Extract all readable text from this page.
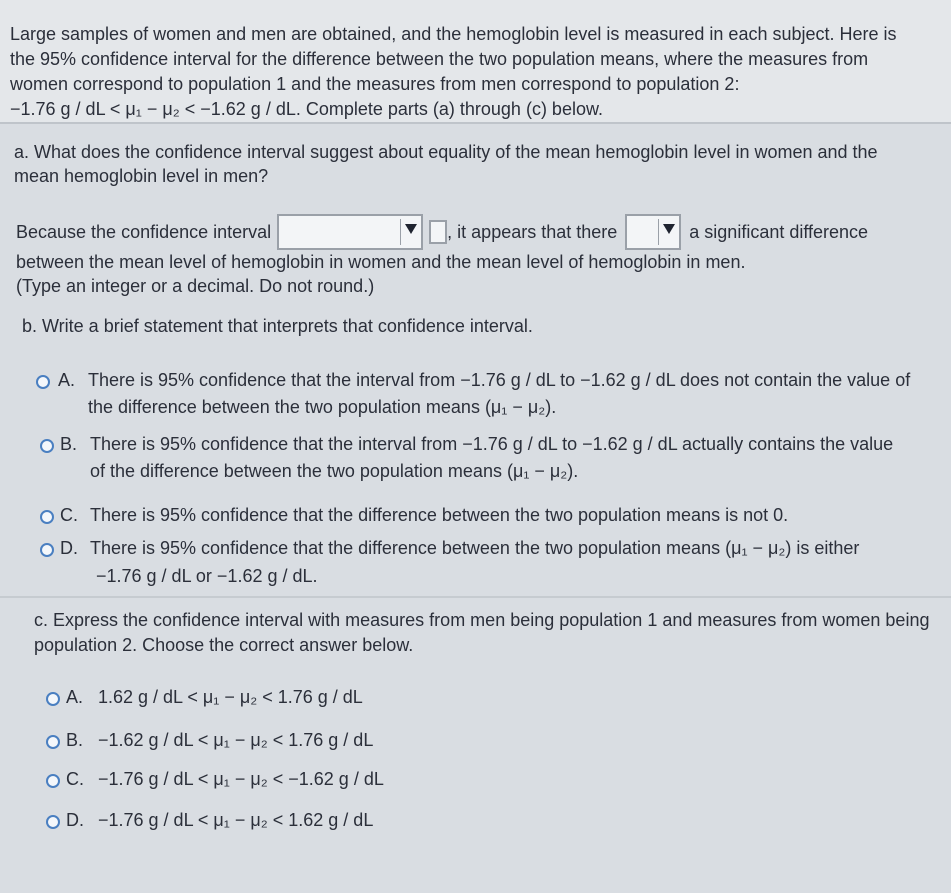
Large samples of women and men are obtained, and the hemoglobin level is measured in each subject. Here is

the 95% confidence interval for the difference between the two population means, where the measures from

women correspond to population 1 and the measures from men correspond to population 2:

−1.76 g / dL < μ₁ − μ₂ < −1.62 g / dL. Complete parts (a) through (c) below.

a. What does the confidence interval suggest about equality of the mean hemoglobin level in women and the

mean hemoglobin level in men?

Because the confidence interval	, it appears that there	a significant difference
between the mean level of hemoglobin in women and the mean level of hemoglobin in men.
(Type an integer or a decimal. Do not round.)
b. Write a brief statement that interprets that confidence interval.
A. There is 95% confidence that the interval from −1.76 g / dL to −1.62 g / dL does not contain the value of
the difference between the two population means (μ₁ − μ₂).
B. There is 95% confidence that the interval from −1.76 g / dL to −1.62 g / dL actually contains the value
of the difference between the two population means (μ₁ − μ₂).
C. There is 95% confidence that the difference between the two population means is not 0.
D. There is 95% confidence that the difference between the two population means (μ₁ − μ₂) is either
−1.76 g / dL or −1.62 g / dL.

c. Express the confidence interval with measures from men being population 1 and measures from women being

population 2. Choose the correct answer below.

A. 1.62 g / dL < μ₁ − μ₂ < 1.76 g / dL
B. −1.62 g / dL < μ₁ − μ₂ < 1.76 g / dL
C. −1.76 g / dL < μ₁ − μ₂ < −1.62 g / dL
D. −1.76 g / dL < μ₁ − μ₂ < 1.62 g / dL
